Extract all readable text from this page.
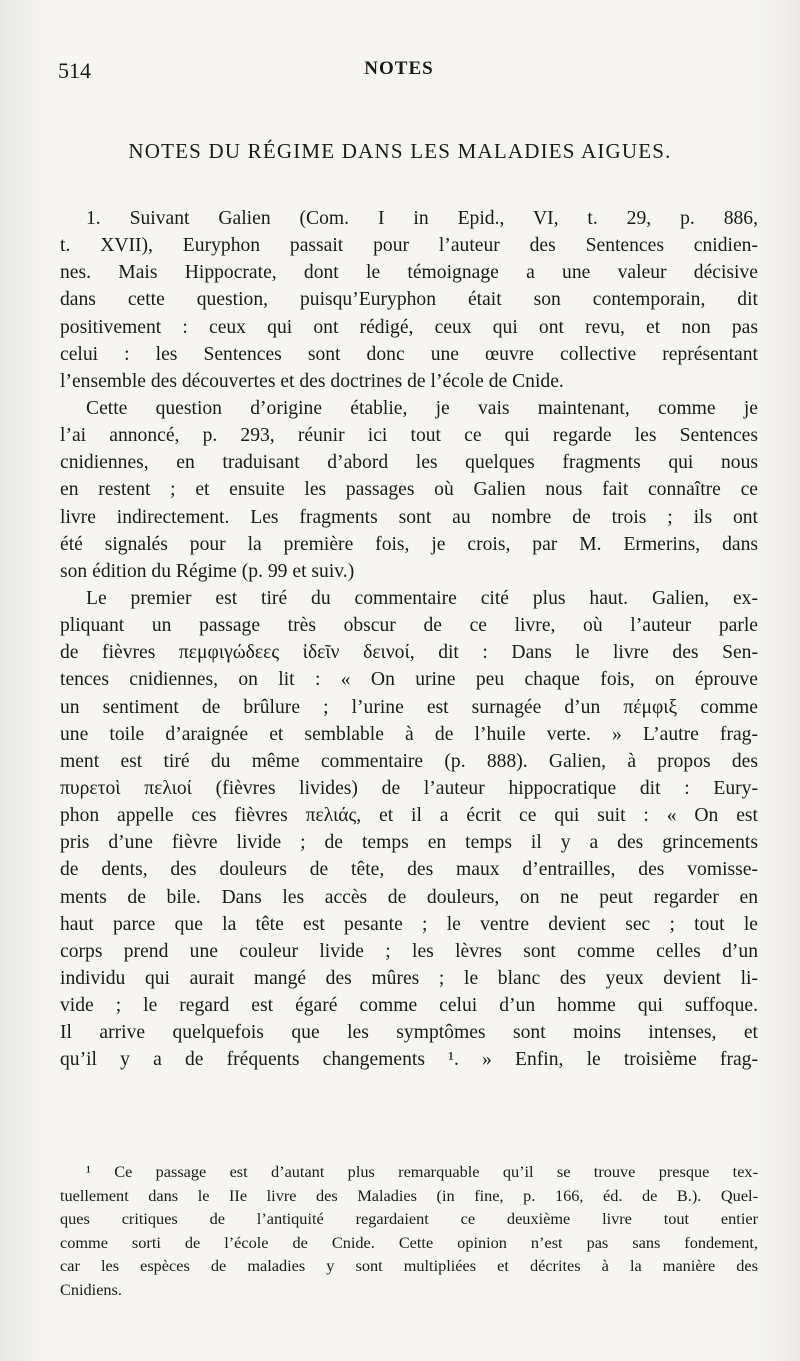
514	NOTES
NOTES DU RÉGIME DANS LES MALADIES AIGUES.
1. Suivant Galien (Com. I in Epid., VI, t. 29, p. 886,
t. XVII), Euryphon passait pour l’auteur des Sentences cnidien-
nes. Mais Hippocrate, dont le témoignage a une valeur décisive
dans cette question, puisqu’Euryphon était son contemporain, dit
positivement : ceux qui ont rédigé, ceux qui ont revu, et non pas
celui : les Sentences sont donc une œuvre collective représentant
l’ensemble des découvertes et des doctrines de l’école de Cnide.
Cette question d’origine établie, je vais maintenant, comme je
l’ai annoncé, p. 293, réunir ici tout ce qui regarde les Sentences
cnidiennes, en traduisant d’abord les quelques fragments qui nous
en restent ; et ensuite les passages où Galien nous fait connaître ce
livre indirectement. Les fragments sont au nombre de trois ; ils ont
été signalés pour la première fois, je crois, par M. Ermerins, dans
son édition du Régime (p. 99 et suiv.)
Le premier est tiré du commentaire cité plus haut. Galien, ex-
pliquant un passage très obscur de ce livre, où l’auteur parle
de fièvres πεμφιγώδεες ἰδεῖν δεινοί, dit : Dans le livre des Sen-
tences cnidiennes, on lit : « On urine peu chaque fois, on éprouve
un sentiment de brûlure ; l’urine est surnagée d’un πέμφιξ comme
une toile d’araignée et semblable à de l’huile verte. » L’autre frag-
ment est tiré du même commentaire (p. 888). Galien, à propos des
πυρετοὶ πελιοί (fièvres livides) de l’auteur hippocratique dit : Eury-
phon appelle ces fièvres πελιάς, et il a écrit ce qui suit : « On est
pris d’une fièvre livide ; de temps en temps il y a des grincements
de dents, des douleurs de tête, des maux d’entrailles, des vomisse-
ments de bile. Dans les accès de douleurs, on ne peut regarder en
haut parce que la tête est pesante ; le ventre devient sec ; tout le
corps prend une couleur livide ; les lèvres sont comme celles d’un
individu qui aurait mangé des mûres ; le blanc des yeux devient li-
vide ; le regard est égaré comme celui d’un homme qui suffoque.
Il arrive quelquefois que les symptômes sont moins intenses, et
qu’il y a de fréquents changements ¹. » Enfin, le troisième frag-
¹ Ce passage est d’autant plus remarquable qu’il se trouve presque tex-
tuellement dans le IIe livre des Maladies (in fine, p. 166, éd. de B.). Quel-
ques critiques de l’antiquité regardaient ce deuxième livre tout entier
comme sorti de l’école de Cnide. Cette opinion n’est pas sans fondement,
car les espèces de maladies y sont multipliées et décrites à la manière des
Cnidiens.
